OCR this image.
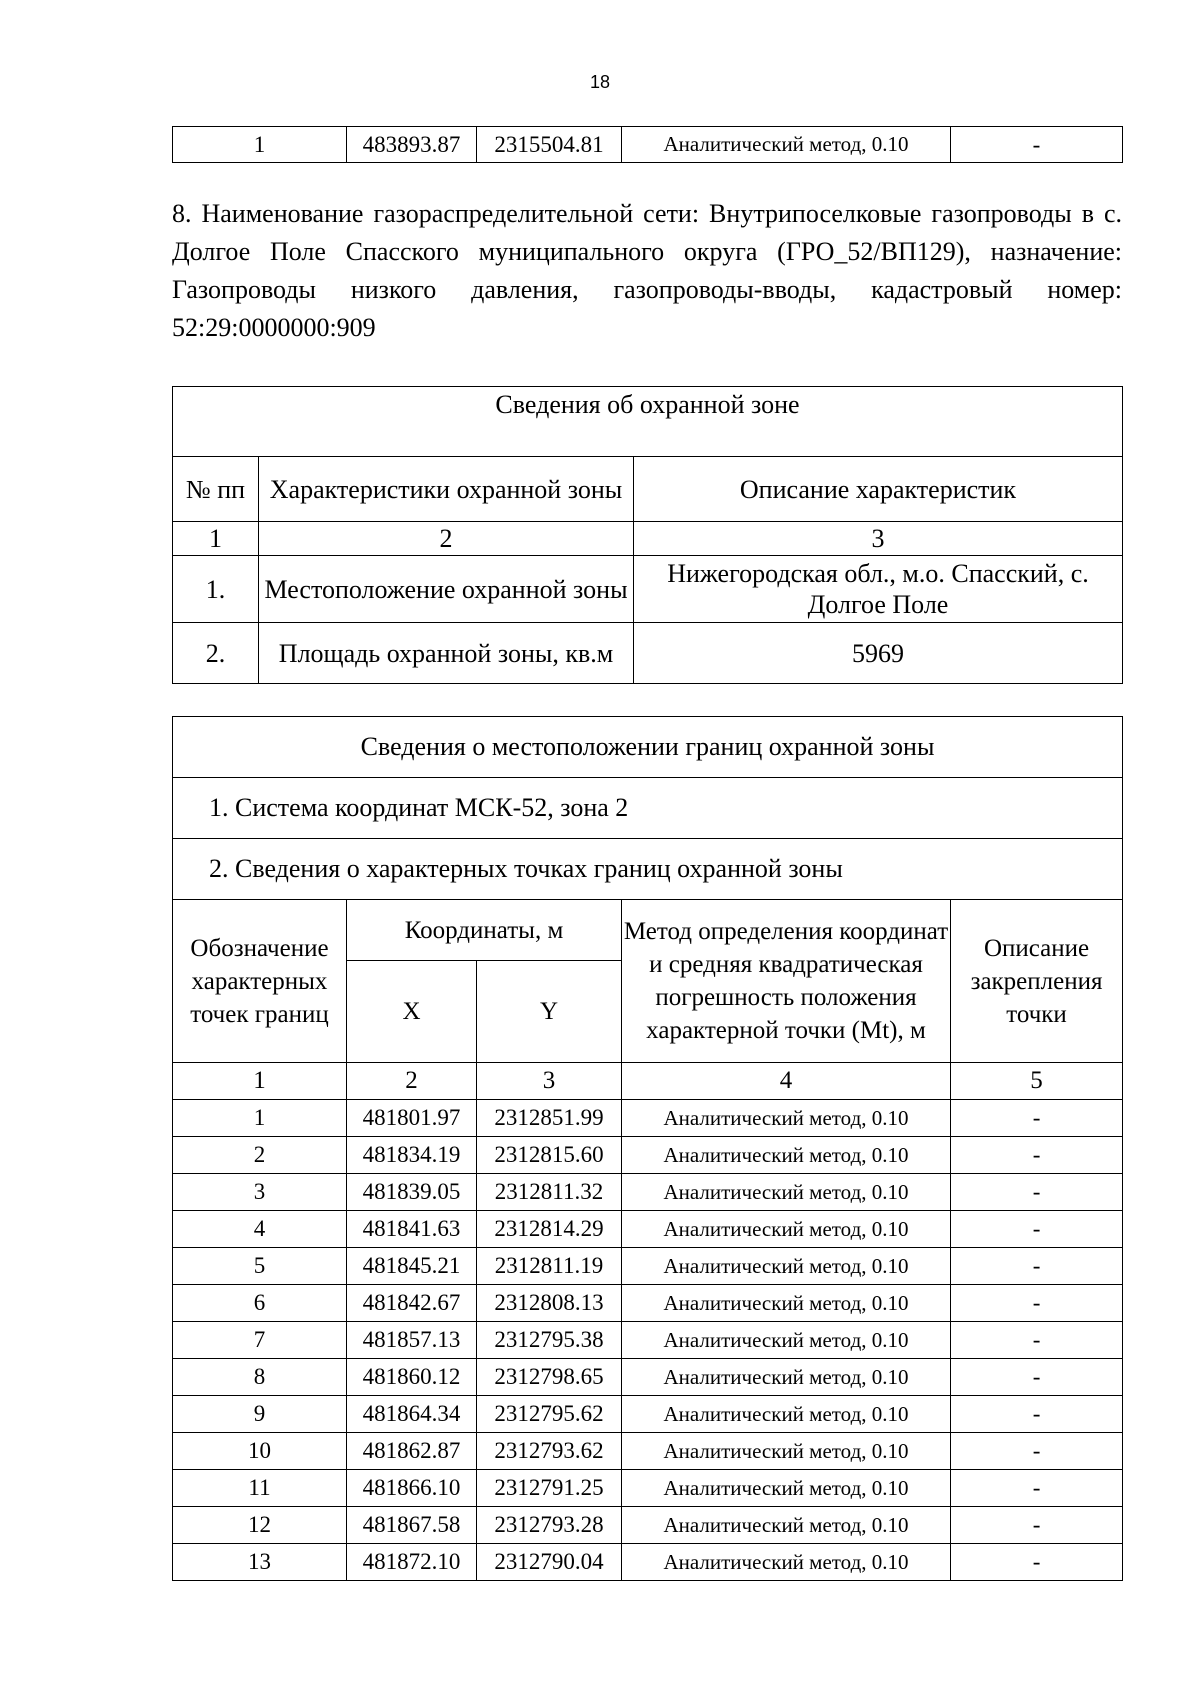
18
1	483893.87	2315504.81	Аналитический метод, 0.10	-

8. Наименование газораспределительной сети: Внутрипоселковые газопроводы в с. Долгое Поле Спасского муниципального округа (ГРО_52/ВП129), назначение: Газопроводы низкого давления, газопроводы-вводы, кадастровый номер: 52:29:0000000:909

Сведения об охранной зоне		
№ пп	Характеристики охранной зоны	Описание характеристик
1	2	3
1.	Местоположение охранной зоны	Нижегородская обл., м.о. Спасский, с. Долгое Поле
2.	Площадь охранной зоны, кв.м	5969
Сведения о местоположении границ охранной зоны				
1. Система координат МСК-52, зона 2				
2. Сведения о характерных точках границ охранной зоны				
Обозначение характерных точек границ	Координаты, м		Метод определения координат и средняя квадратическая погрешность положения характерной точки (Mt), м	Описание закрепления точки
	X	Y		
1	2	3	4	5
1	481801.97	2312851.99	Аналитический метод, 0.10	-
2	481834.19	2312815.60	Аналитический метод, 0.10	-
3	481839.05	2312811.32	Аналитический метод, 0.10	-
4	481841.63	2312814.29	Аналитический метод, 0.10	-
5	481845.21	2312811.19	Аналитический метод, 0.10	-
6	481842.67	2312808.13	Аналитический метод, 0.10	-
7	481857.13	2312795.38	Аналитический метод, 0.10	-
8	481860.12	2312798.65	Аналитический метод, 0.10	-
9	481864.34	2312795.62	Аналитический метод, 0.10	-
10	481862.87	2312793.62	Аналитический метод, 0.10	-
11	481866.10	2312791.25	Аналитический метод, 0.10	-
12	481867.58	2312793.28	Аналитический метод, 0.10	-
13	481872.10	2312790.04	Аналитический метод, 0.10	-
